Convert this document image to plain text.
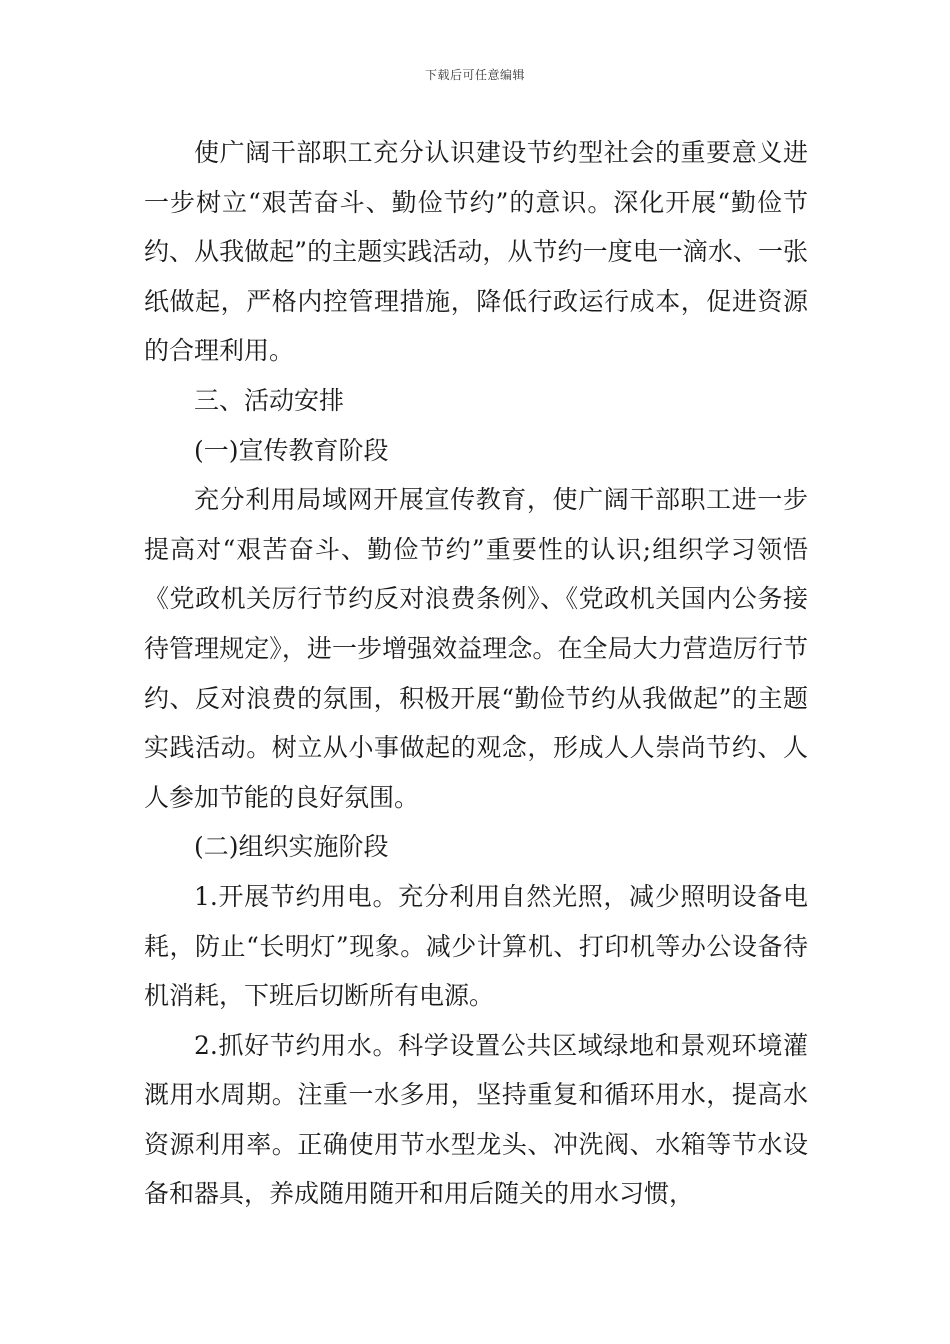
下载后可任意编辑

使广阔干部职工充分认识建设节约型社会的重要意义进一步树立“艰苦奋斗、勤俭节约”的意识。深化开展“勤俭节约、从我做起”的主题实践活动，从节约一度电一滴水、一张纸做起，严格内控管理措施，降低行政运行成本，促进资源的合理利用。

三、活动安排

(一)宣传教育阶段

充分利用局域网开展宣传教育，使广阔干部职工进一步提高对“艰苦奋斗、勤俭节约”重要性的认识;组织学习领悟《党政机关厉行节约反对浪费条例》、《党政机关国内公务接待管理规定》，进一步增强效益理念。在全局大力营造厉行节约、反对浪费的氛围，积极开展“勤俭节约从我做起”的主题实践活动。树立从小事做起的观念，形成人人崇尚节约、人人参加节能的良好氛围。

(二)组织实施阶段

1.开展节约用电。充分利用自然光照，减少照明设备电耗，防止“长明灯”现象。减少计算机、打印机等办公设备待机消耗，下班后切断所有电源。

2.抓好节约用水。科学设置公共区域绿地和景观环境灌溉用水周期。注重一水多用，坚持重复和循环用水，提高水资源利用率。正确使用节水型龙头、冲洗阀、水箱等节水设备和器具，养成随用随开和用后随关的用水习惯，
